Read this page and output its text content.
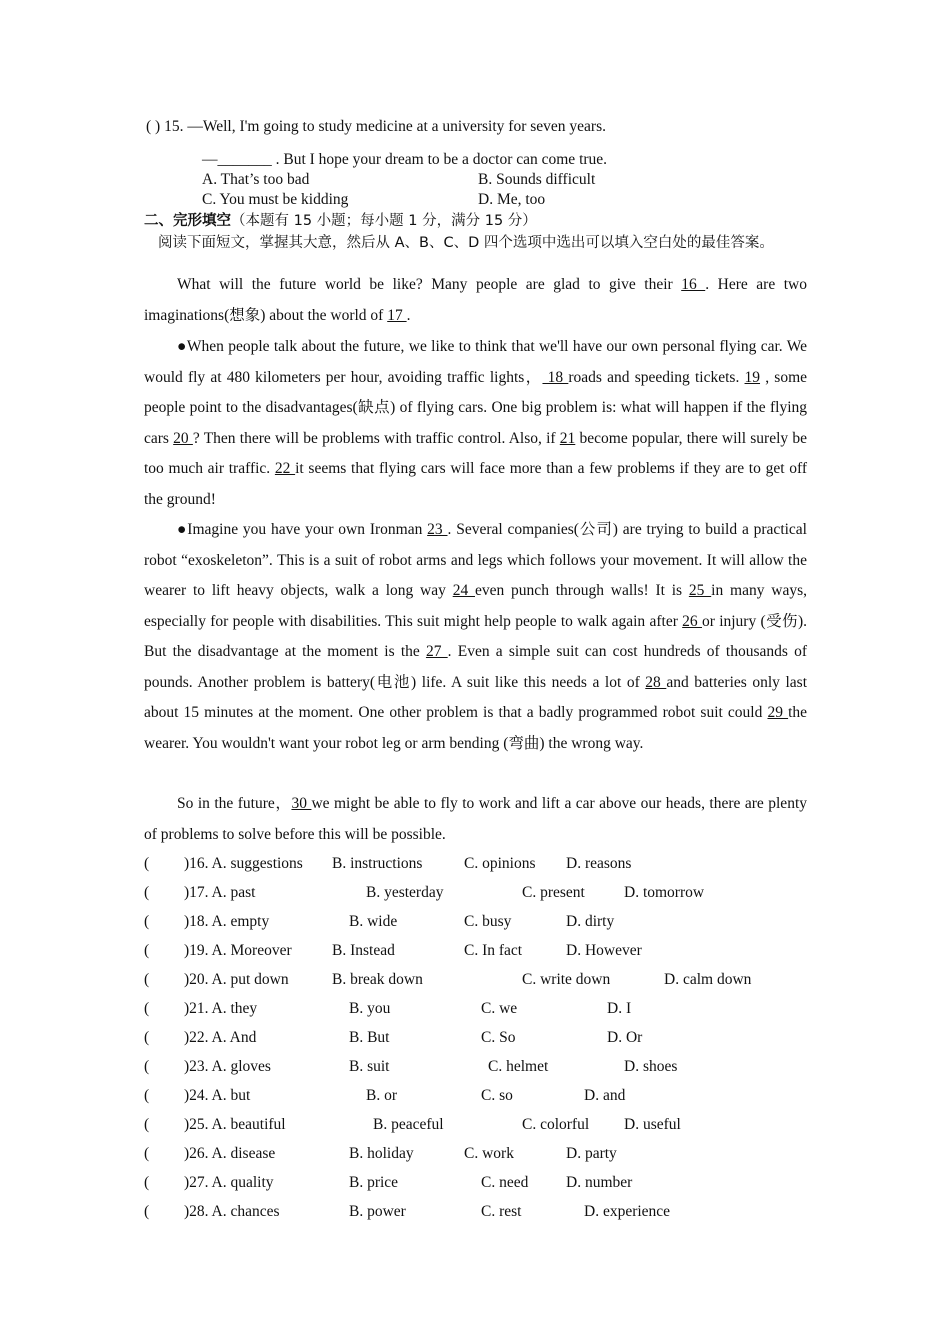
( ) 15. —Well, I'm going to study medicine at a university for seven years.
—_______ . But I hope your dream to be a doctor can come true.
A. That’s too bad	B. Sounds difficult
C. You must be kidding	D. Me, too
二、完形填空（本题有 15 小题；每小题 1 分，满分 15 分）
阅读下面短文，掌握其大意，然后从 A、B、C、D 四个选项中选出可以填入空白处的最佳答案。

What will the future world be like? Many people are glad to give their 16 . Here are two imaginations(想象) about the world of 17 .

●When people talk about the future, we like to think that we'll have our own personal flying car. We would fly at 480 kilometers per hour, avoiding traffic lights， 18 roads and speeding tickets. 19 , some people point to the disadvantages(缺点) of flying cars. One big problem is: what will happen if the flying cars 20 ? Then there will be problems with traffic control. Also, if 21 become popular, there will surely be too much air traffic. 22 it seems that flying cars will face more than a few problems if they are to get off the ground!

●Imagine you have your own Ironman 23 . Several companies(公司) are trying to build a practical robot “exoskeleton”. This is a suit of robot arms and legs which follows your movement. It will allow the wearer to lift heavy objects, walk a long way 24 even punch through walls! It is 25 in many ways, especially for people with disabilities. This suit might help people to walk again after 26 or injury (受伤). But the disadvantage at the moment is the 27 . Even a simple suit can cost hundreds of thousands of pounds. Another problem is battery(电池) life. A suit like this needs a lot of 28 and batteries only last about 15 minutes at the moment. One other problem is that a badly programmed robot suit could 29 the wearer. You wouldn't want your robot leg or arm bending (弯曲) the wrong way.

So in the future，30 we might be able to fly to work and lift a car above our heads, there are plenty of problems to solve before this will be possible.

( )16. A. suggestions B. instructions	C. opinions D. reasons
( )17. A. past	B. yesterday	C. present	D. tomorrow
( )18. A. empty	B. wide	C. busy	D. dirty
( )19. A. Moreover	B. Instead	C. In fact	D. However
( )20. A. put down	B. break down	C. write down	D. calm down
( )21. A. they	B. you	C. we	D. I
( )22. A. And	B. But	C. So	D. Or
( )23. A. gloves	B. suit	C. helmet	D. shoes
( )24. A. but	B. or	C. so	D. and
( )25. A. beautiful	B. peaceful	C. colorful D. useful
( )26. A. disease	B. holiday	C. work	D. party
( )27. A. quality	B. price	C. need D. number
( )28. A. chances	B. power	C. rest	D. experience
